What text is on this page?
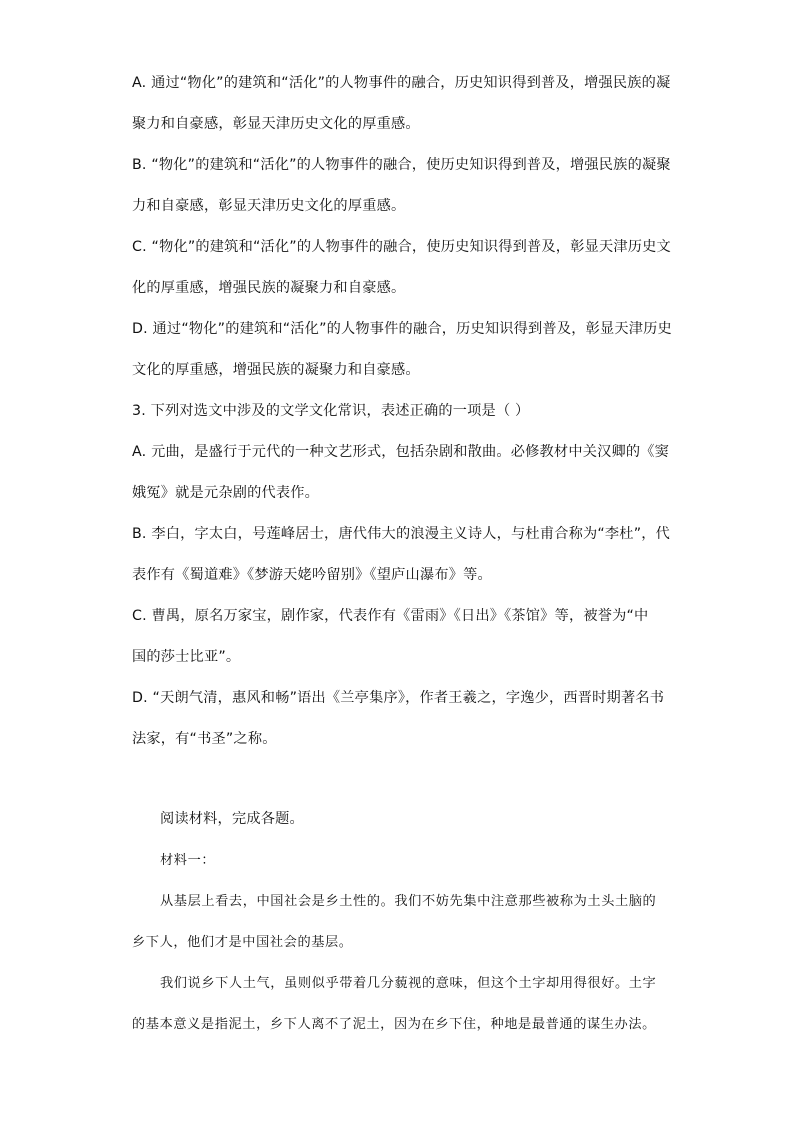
A. 通过“物化”的建筑和“活化”的人物事件的融合，历史知识得到普及，增强民族的凝
聚力和自豪感，彰显天津历史文化的厚重感。
B. “物化”的建筑和“活化”的人物事件的融合，使历史知识得到普及，增强民族的凝聚
力和自豪感，彰显天津历史文化的厚重感。
C. “物化”的建筑和“活化”的人物事件的融合，使历史知识得到普及，彰显天津历史文
化的厚重感，增强民族的凝聚力和自豪感。
D. 通过“物化”的建筑和“活化”的人物事件的融合，历史知识得到普及，彰显天津历史
文化的厚重感，增强民族的凝聚力和自豪感。
3. 下列对选文中涉及的文学文化常识，表述正确的一项是（ ）
A. 元曲，是盛行于元代的一种文艺形式，包括杂剧和散曲。必修教材中关汉卿的《窦
娥冤》就是元杂剧的代表作。
B. 李白，字太白，号莲峰居士，唐代伟大的浪漫主义诗人，与杜甫合称为“李杜”，代
表作有《蜀道难》《梦游天姥吟留别》《望庐山瀑布》等。
C. 曹禺，原名万家宝，剧作家，代表作有《雷雨》《日出》《茶馆》等，被誉为“中
国的莎士比亚”。
D. “天朗气清，惠风和畅”语出《兰亭集序》，作者王羲之，字逸少，西晋时期著名书
法家，有“书圣”之称。
阅读材料，完成各题。
材料一：
从基层上看去，中国社会是乡土性的。我们不妨先集中注意那些被称为土头土脑的
乡下人，他们才是中国社会的基层。
我们说乡下人土气，虽则似乎带着几分藐视的意味，但这个土字却用得很好。土字
的基本意义是指泥土，乡下人离不了泥土，因为在乡下住，种地是最普通的谋生办法。
